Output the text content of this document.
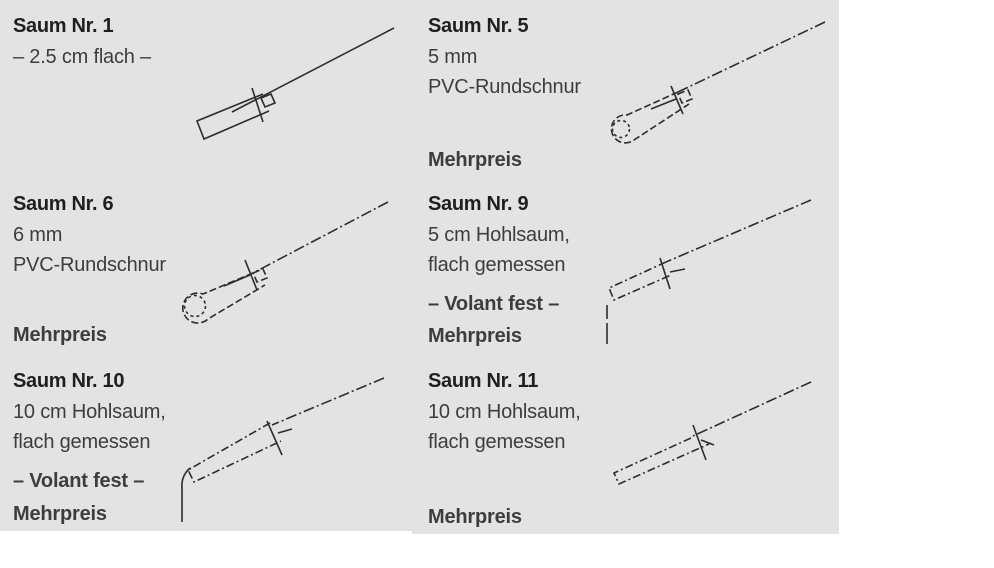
Saum Nr. 1

– 2.5 cm flach –

Saum Nr. 5

5 mm

PVC-Rundschnur

Mehrpreis

Saum Nr. 6

6 mm

PVC-Rundschnur

Mehrpreis

Saum Nr. 9

5 cm Hohlsaum,

flach gemessen

– Volant fest –

Mehrpreis

Saum Nr. 10

10 cm Hohlsaum,

flach gemessen

– Volant fest –

Mehrpreis

Saum Nr. 11

10 cm Hohlsaum,

flach gemessen

Mehrpreis
